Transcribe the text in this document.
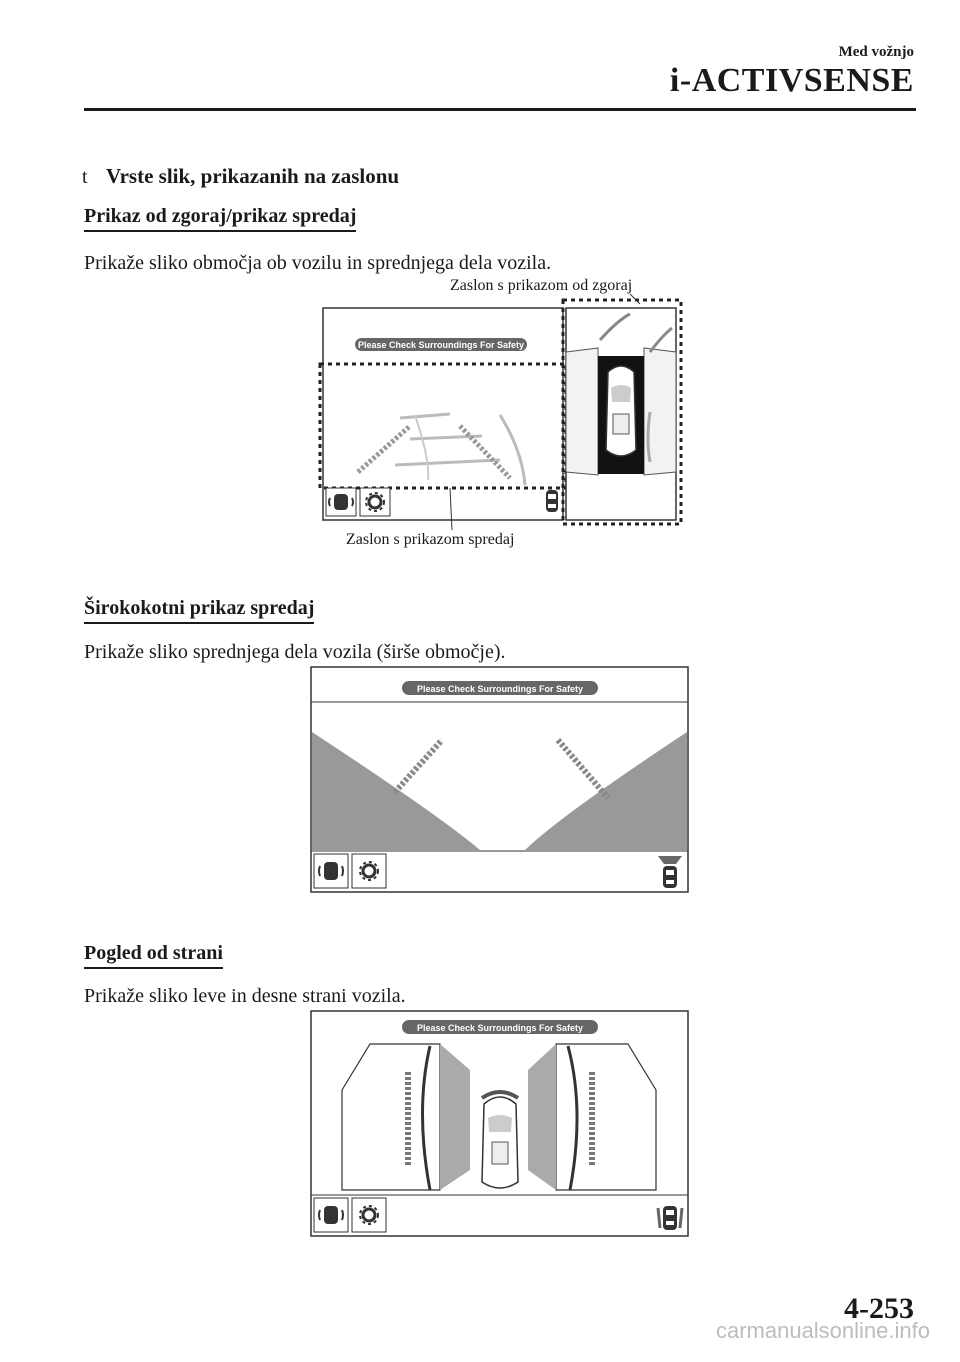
Med vožnjo
i-ACTIVSENSE
t Vrste slik, prikazanih na zaslonu
Prikaz od zgoraj/prikaz spredaj
Prikaže sliko območja ob vozilu in sprednjega dela vozila.
Zaslon s prikazom od zgoraj
Zaslon s prikazom spredaj
Please Check Surroundings For Safety
Širokokotni prikaz spredaj
Prikaže sliko sprednjega dela vozila (širše območje).
Please Check Surroundings For Safety
Pogled od strani
Prikaže sliko leve in desne strani vozila.
Please Check Surroundings For Safety
4-253
carmanualsonline.info
